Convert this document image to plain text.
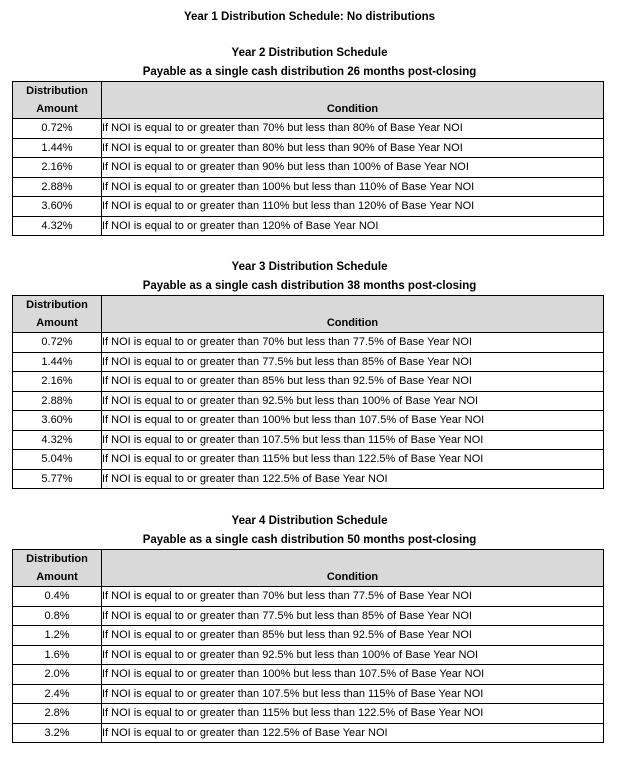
Year 1 Distribution Schedule: No distributions
Year 2 Distribution Schedule
Payable as a single cash distribution 26 months post-closing
Distribution
Amount	Condition
0.72%	If NOI is equal to or greater than 70% but less than 80% of Base Year NOI
1.44%	If NOI is equal to or greater than 80% but less than 90% of Base Year NOI
2.16%	If NOI is equal to or greater than 90% but less than 100% of Base Year NOI
2.88%	If NOI is equal to or greater than 100% but less than 110% of Base Year NOI
3.60%	If NOI is equal to or greater than 110% but less than 120% of Base Year NOI
4.32%	If NOI is equal to or greater than 120% of Base Year NOI
Year 3 Distribution Schedule
Payable as a single cash distribution 38 months post-closing
Distribution
Amount	Condition
0.72%	If NOI is equal to or greater than 70% but less than 77.5% of Base Year NOI
1.44%	If NOI is equal to or greater than 77.5% but less than 85% of Base Year NOI
2.16%	If NOI is equal to or greater than 85% but less than 92.5% of Base Year NOI
2.88%	If NOI is equal to or greater than 92.5% but less than 100% of Base Year NOI
3.60%	If NOI is equal to or greater than 100% but less than 107.5% of Base Year NOI
4.32%	If NOI is equal to or greater than 107.5% but less than 115% of Base Year NOI
5.04%	If NOI is equal to or greater than 115% but less than 122.5% of Base Year NOI
5.77%	If NOI is equal to or greater than 122.5% of Base Year NOI
Year 4 Distribution Schedule
Payable as a single cash distribution 50 months post-closing
Distribution
Amount	Condition
0.4%	If NOI is equal to or greater than 70% but less than 77.5% of Base Year NOI
0.8%	If NOI is equal to or greater than 77.5% but less than 85% of Base Year NOI
1.2%	If NOI is equal to or greater than 85% but less than 92.5% of Base Year NOI
1.6%	If NOI is equal to or greater than 92.5% but less than 100% of Base Year NOI
2.0%	If NOI is equal to or greater than 100% but less than 107.5% of Base Year NOI
2.4%	If NOI is equal to or greater than 107.5% but less than 115% of Base Year NOI
2.8%	If NOI is equal to or greater than 115% but less than 122.5% of Base Year NOI
3.2%	If NOI is equal to or greater than 122.5% of Base Year NOI
